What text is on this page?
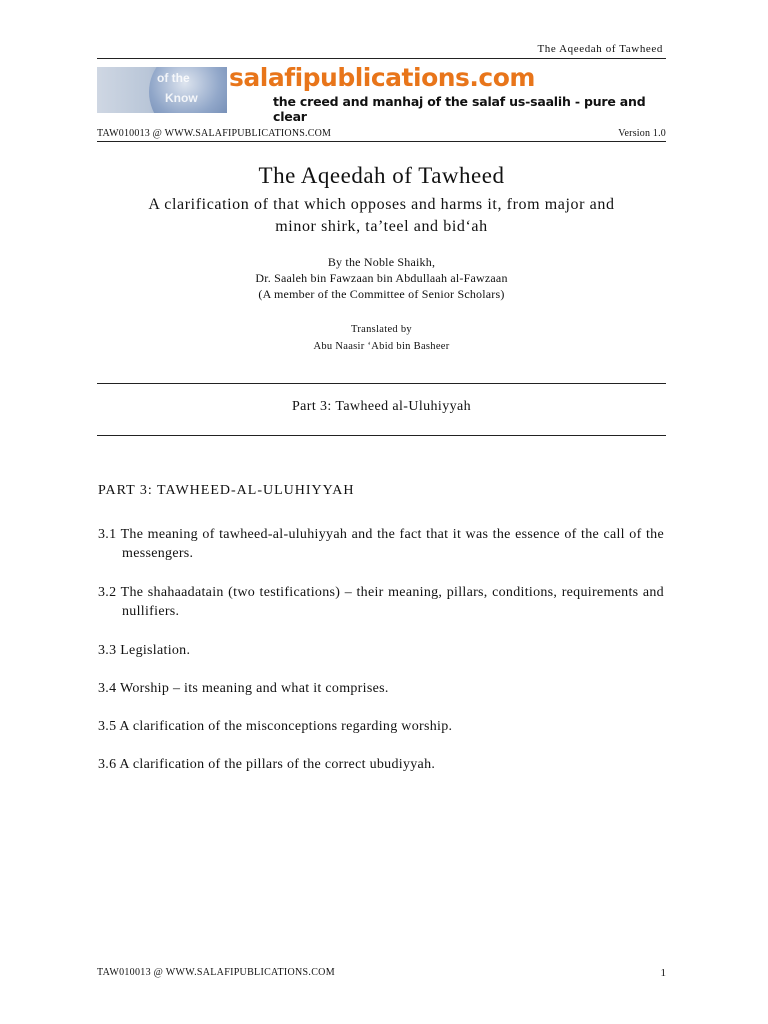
The Aqeedah of Tawheed
of the
Know
salafipublications.com
the creed and manhaj of the salaf us-saalih - pure and clear
TAW010013 @ WWW.SALAFIPUBLICATIONS.COM	Version 1.0
The Aqeedah of Tawheed
A clarification of that which opposes and harms it, from major and
minor shirk, ta’teel and bid‘ah
By the Noble Shaikh,
Dr. Saaleh bin Fawzaan bin Abdullaah al-Fawzaan
(A member of the Committee of Senior Scholars)
Translated by
Abu Naasir ‘Abid bin Basheer
Part 3: Tawheed al-Uluhiyyah
PART 3: TAWHEED-AL-ULUHIYYAH
3.1 The meaning of tawheed-al-uluhiyyah and the fact that it was the essence of the call of the messengers.
3.2 The shahaadatain (two testifications) – their meaning, pillars, conditions, requirements and nullifiers.
3.3 Legislation.
3.4 Worship – its meaning and what it comprises.
3.5 A clarification of the misconceptions regarding worship.
3.6 A clarification of the pillars of the correct ubudiyyah.
TAW010013 @ WWW.SALAFIPUBLICATIONS.COM	1
